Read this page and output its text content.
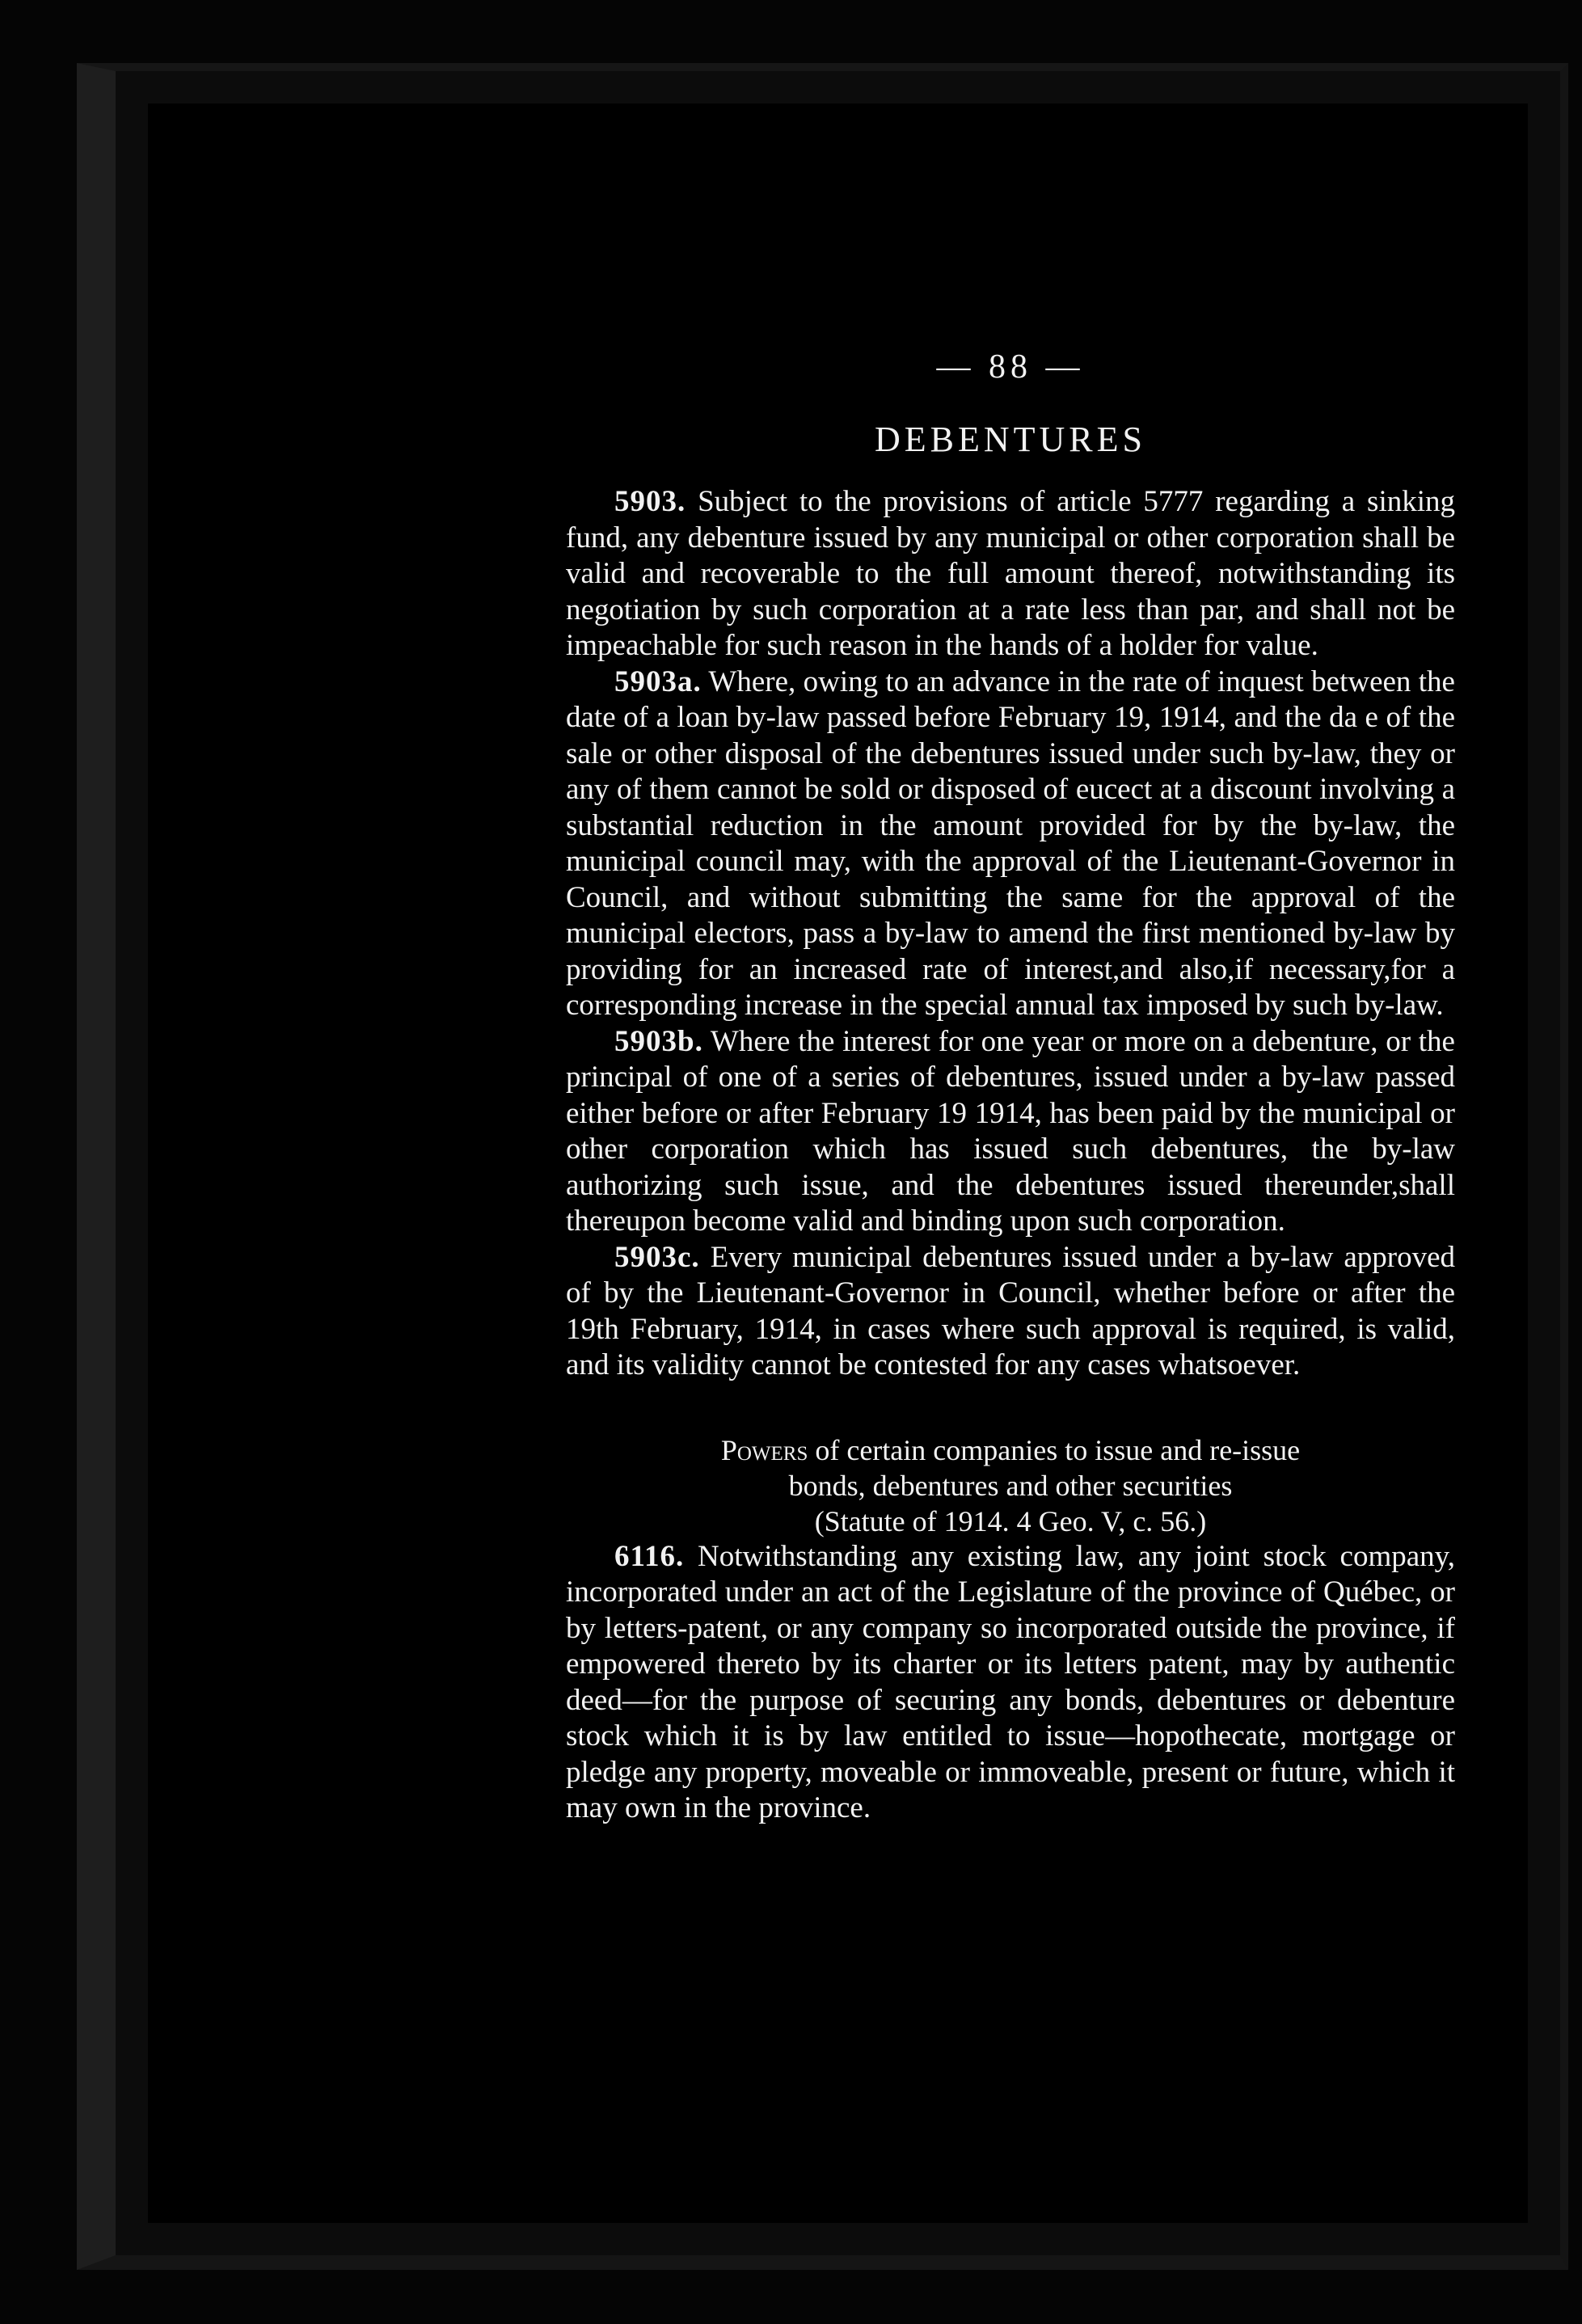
— 88 —
DEBENTURES

5903. Subject to the provisions of article 5777 regarding a sinking fund, any debenture issued by any municipal or other corporation shall be valid and recoverable to the full amount thereof, notwithstanding its negotiation by such corporation at a rate less than par, and shall not be impeachable for such reason in the hands of a holder for value.

5903a. Where, owing to an advance in the rate of inquest between the date of a loan by-law passed before February 19, 1914, and the da e of the sale or other disposal of the debentures issued under such by-law, they or any of them cannot be sold or disposed of eucect at a discount involving a substantial reduction in the amount provided for by the by-law, the municipal council may, with the approval of the Lieutenant-Governor in Council, and without submitting the same for the approval of the municipal electors, pass a by-law to amend the first mentioned by-law by providing for an increased rate of interest,and also,if necessary,for a corresponding increase in the special annual tax imposed by such by-law.

5903b. Where the interest for one year or more on a debenture, or the principal of one of a series of debentures, issued under a by-law passed either before or after February 19 1914, has been paid by the municipal or other corporation which has issued such debentures, the by-law authorizing such issue, and the debentures issued thereunder,shall thereupon become valid and binding upon such corporation.

5903c. Every municipal debentures issued under a by-law approved of by the Lieutenant-Governor in Council, whether before or after the 19th February, 1914, in cases where such approval is required, is valid, and its validity cannot be contested for any cases whatsoever.

Powers of certain companies to issue and re-issue
bonds, debentures and other securities
(Statute of 1914. 4 Geo. V, c. 56.)

6116. Notwithstanding any existing law, any joint stock company, incorporated under an act of the Legislature of the province of Québec, or by letters-patent, or any company so incorporated outside the province, if empowered thereto by its charter or its letters patent, may by authentic deed—for the purpose of securing any bonds, debentures or debenture stock which it is by law entitled to issue—hopothecate, mortgage or pledge any property, moveable or immoveable, present or future, which it may own in the province.
